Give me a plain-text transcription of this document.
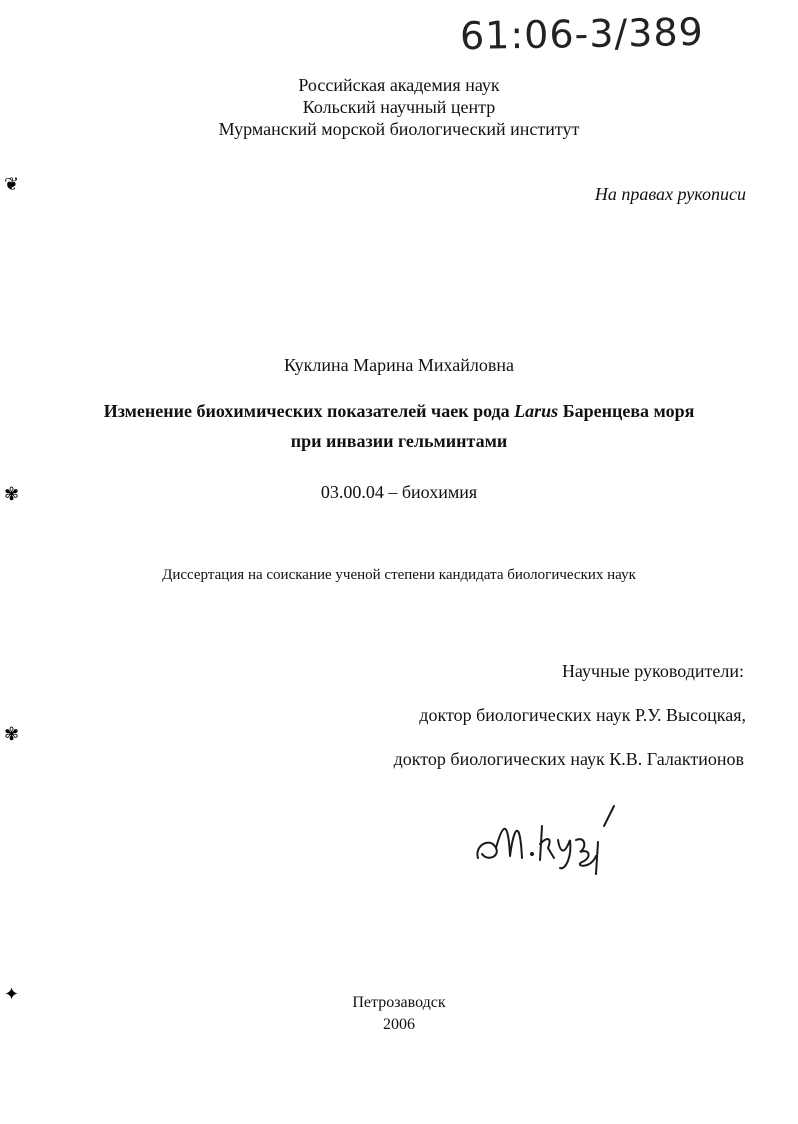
61:06-3/389
❦
✾
✾
✦
Российская академия наук
Кольский научный центр
Мурманский морской биологический институт
На правах рукописи
Куклина Марина Михайловна
Изменение биохимических показателей чаек рода Larus Баренцева моря
при инвазии гельминтами
03.00.04 – биохимия
Диссертация на соискание ученой степени кандидата биологических наук
Научные руководители:
доктор биологических наук Р.У. Высоцкая,
доктор биологических наук К.В. Галактионов
Петрозаводск
2006
